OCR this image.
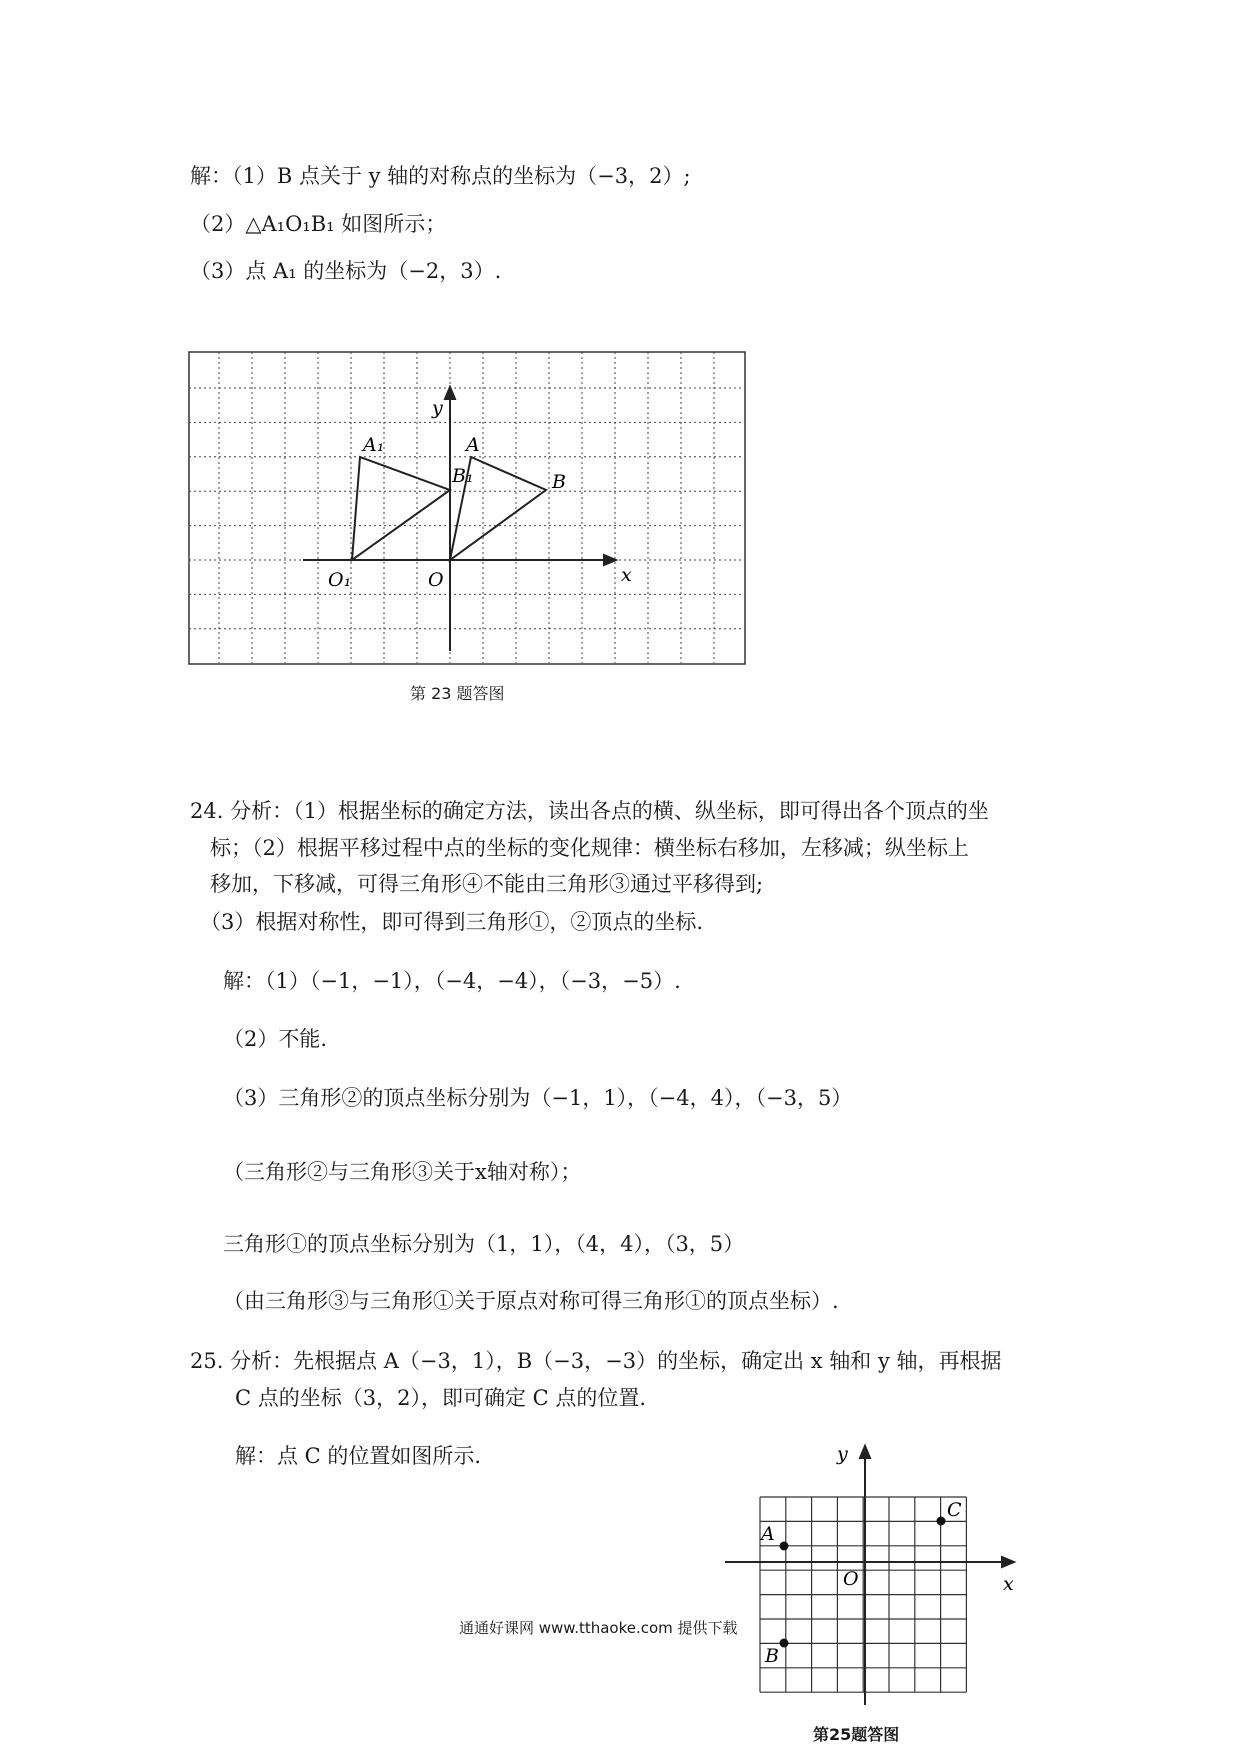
解：（1）B 点关于 y 轴的对称点的坐标为（−3，2）;
（2）△A₁O₁B₁ 如图所示；
（3）点 A₁ 的坐标为（−2，3）.
A₁	A
B₁	B
O₁	O	x
y
第 23 题答图
24. 分析：（1）根据坐标的确定方法，读出各点的横、纵坐标，即可得出各个顶点的坐
标；（2）根据平移过程中点的坐标的变化规律：横坐标右移加，左移减；纵坐标上
移加，下移减，可得三角形④不能由三角形③通过平移得到;
（3）根据对称性，即可得到三角形①，②顶点的坐标.
解：（1）（−1，−1），（−4，−4），（−3，−5）.
（2）不能.
（3）三角形②的顶点坐标分别为（−1，1），（−4，4），（−3，5）
（三角形②与三角形③关于x轴对称）；
三角形①的顶点坐标分别为（1，1），（4，4），（3，5）
（由三角形③与三角形①关于原点对称可得三角形①的顶点坐标）.
25. 分析：先根据点 A（−3，1），B（−3，−3）的坐标，确定出 x 轴和 y 轴，再根据
C 点的坐标（3，2），即可确定 C 点的位置.
解：点 C 的位置如图所示.
A
B
C
O	x
y
第25题答图
通通好课网 www.tthaoke.com 提供下载
